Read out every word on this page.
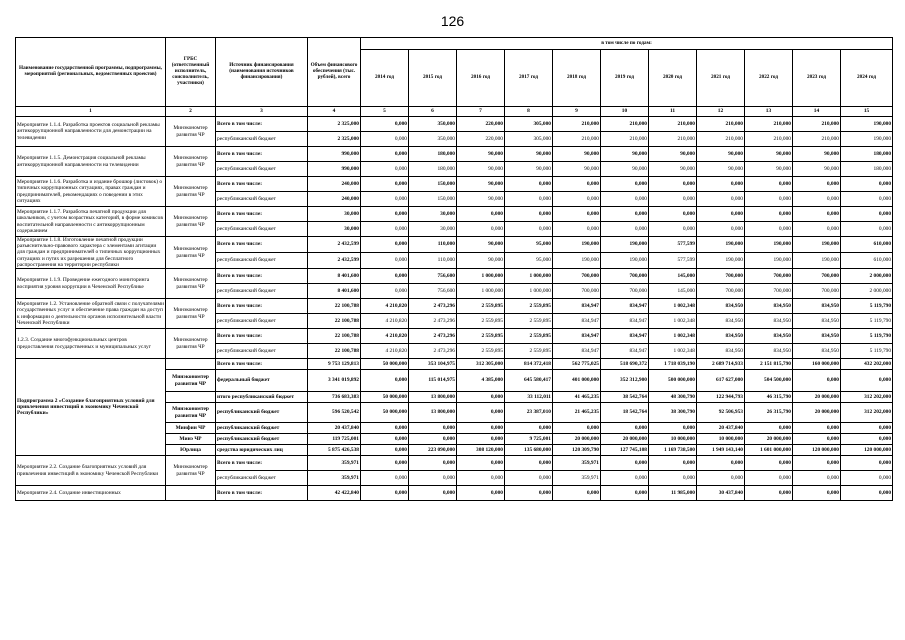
126
Наименование государственной программы, подпрограммы, мероприятий (региональных, ведомственных проектов)	ГРБС (ответственный исполнитель, соисполнитель, участники)	Источник финансирования (наименования источников финансирования)	Объем финансового обеспечения (тыс. рублей), всего	в том числе по годам:										
				2014 год	2015 год	2016 год	2017 год	2018 год	2019 год	2020 год	2021 год	2022 год	2023 год	2024 год
1	2	3	4	5	6	7	8	9	10	11	12	13	14	15
Мероприятие 1.1.4. Разработка проектов социальной рекламы антикоррупционной направленности для демонстрации на телевидении	Минэкономтер развития ЧР	Всего в том числе:	2 325,000	0,000	350,000	220,000	305,000	210,000	210,000	210,000	210,000	210,000	210,000	190,000
		республиканский бюджет	2 325,000	0,000	350,000	220,000	305,000	210,000	210,000	210,000	210,000	210,000	210,000	190,000
Мероприятие 1.1.5. Демонстрация социальной рекламы антикоррупционной направленности на телевидении	Минэкономтер развития ЧР	Всего в том числе:	990,000	0,000	180,000	90,000	90,000	90,000	90,000	90,000	90,000	90,000	90,000	180,000
		республиканский бюджет	990,000	0,000	180,000	90,000	90,000	90,000	90,000	90,000	90,000	90,000	90,000	180,000
Мероприятие 1.1.6. Разработка и издание брошюр (листовок) о типичных коррупционных ситуациях, правах граждан и предпринимателей, рекомендациях о поведении в этих ситуациях	Минэкономтер развития ЧР	Всего в том числе:	240,000	0,000	150,000	90,000	0,000	0,000	0,000	0,000	0,000	0,000	0,000	0,000
		республиканский бюджет	240,000	0,000	150,000	90,000	0,000	0,000	0,000	0,000	0,000	0,000	0,000	0,000
Мероприятие 1.1.7. Разработка печатной продукции для школьников, с учетом возрастных категорий, в форме комиксов воспитательной направленности с антикоррупционным содержанием	Минэкономтер развития ЧР	Всего в том числе:	30,000	0,000	30,000	0,000	0,000	0,000	0,000	0,000	0,000	0,000	0,000	0,000
		республиканский бюджет	30,000	0,000	30,000	0,000	0,000	0,000	0,000	0,000	0,000	0,000	0,000	0,000
Мероприятие 1.1.8. Изготовление печатной продукции разъяснительно-правового характера с элементами агитации для граждан и предпринимателей о типичных коррупционных ситуациях и путях их разрешения для бесплатного распространения на территории республики	Минэкономтер развития ЧР	Всего в том числе:	2 432,599	0,000	110,000	90,000	95,000	190,000	190,000	577,599	190,000	190,000	190,000	610,000
		республиканский бюджет	2 432,599	0,000	110,000	90,000	95,000	190,000	190,000	577,599	190,000	190,000	190,000	610,000
Мероприятие 1.1.9. Проведение ежегодного мониторинга восприятия уровня коррупции в Чеченской Республике	Минэкономтер развития ЧР	Всего в том числе:	8 401,600	0,000	756,600	1 000,000	1 000,000	700,000	700,000	145,000	700,000	700,000	700,000	2 000,000
		республиканский бюджет	8 401,600	0,000	756,600	1 000,000	1 000,000	700,000	700,000	145,000	700,000	700,000	700,000	2 000,000
Мероприятие 1.2. Установление обратной связи с получателями государственных услуг и обеспечение права граждан на доступ к информации о деятельности органов исполнительной власти Чеченской Республики	Минэкономтер развития ЧР	Всего в том числе:	22 100,788	4 210,820	2 473,296	2 559,895	2 559,895	834,947	834,947	1 002,348	834,950	834,950	834,950	5 119,790
		республиканский бюджет	22 100,788	4 210,820	2 473,296	2 559,895	2 559,895	834,947	834,947	1 002,348	834,950	834,950	834,950	5 119,790
1.2.3. Создание многофункциональных центров предоставления государственных и муниципальных услуг	Минэкономтер развития ЧР	Всего в том числе:	22 100,788	4 210,820	2 473,296	2 559,895	2 559,895	834,947	834,947	1 002,348	834,950	834,950	834,950	5 119,790
		республиканский бюджет	22 100,788	4 210,820	2 473,296	2 559,895	2 559,895	834,947	834,947	1 002,348	834,950	834,950	834,950	5 119,790
Подпрограмма 2 «Создание благоприятных условий для привлечения инвестиций в экономику Чеченской Республики»		Всего в том числе:	9 753 129,813	50 000,000	353 104,975	312 305,000	814 372,418	562 775,025	518 690,372	1 718 039,190	2 689 714,933	2 151 815,790	160 000,000	432 202,000
	Минэкономтер развития ЧР	федеральный бюджет	3 341 019,892	0,000	115 014,975	4 385,000	645 580,417	401 000,000	352 312,900	500 000,000	617 627,000	504 500,000	0,000	0,000
		итого республиканский бюджет	736 683,383	50 000,000	13 800,000	0,000	33 112,011	41 465,235	38 542,764	48 300,790	122 944,793	46 315,790	20 000,000	312 202,000
	Минэкономтер развития ЧР	республиканский бюджет	596 520,542	50 000,000	13 800,000	0,000	23 387,010	21 465,235	18 542,764	38 300,790	92 506,953	26 315,790	20 000,000	312 202,000
	Минфин ЧР	республиканский бюджет	20 437,840	0,000	0,000	0,000	0,000	0,000	0,000	0,000	20 437,840	0,000	0,000	0,000
	Минэ ЧР	республиканский бюджет	119 725,001	0,000	0,000	0,000	9 725,001	20 000,000	20 000,000	10 000,000	10 000,000	20 000,000	0,000	0,000
	Юрлица	средства юридических лиц	5 875 426,538	0,000	223 090,000	308 120,000	135 680,000	120 309,790	127 745,108	1 169 738,500	1 949 143,140	1 601 000,000	120 000,000	120 000,000
Мероприятие 2.2. Создание благоприятных условий для привлечения инвестиций в экономику Чеченской Республики	Минэкономтер развития ЧР	Всего в том числе:	359,971	0,000	0,000	0,000	0,000	359,971	0,000	0,000	0,000	0,000	0,000	0,000
		республиканский бюджет	359,971	0,000	0,000	0,000	0,000	359,971	0,000	0,000	0,000	0,000	0,000	0,000
Мероприятие 2.4. Создание инвестиционных		Всего в том числе:	42 422,840	0,000	0,000	0,000	0,000	0,000	0,000	11 985,000	30 437,840	0,000	0,000	0,000
